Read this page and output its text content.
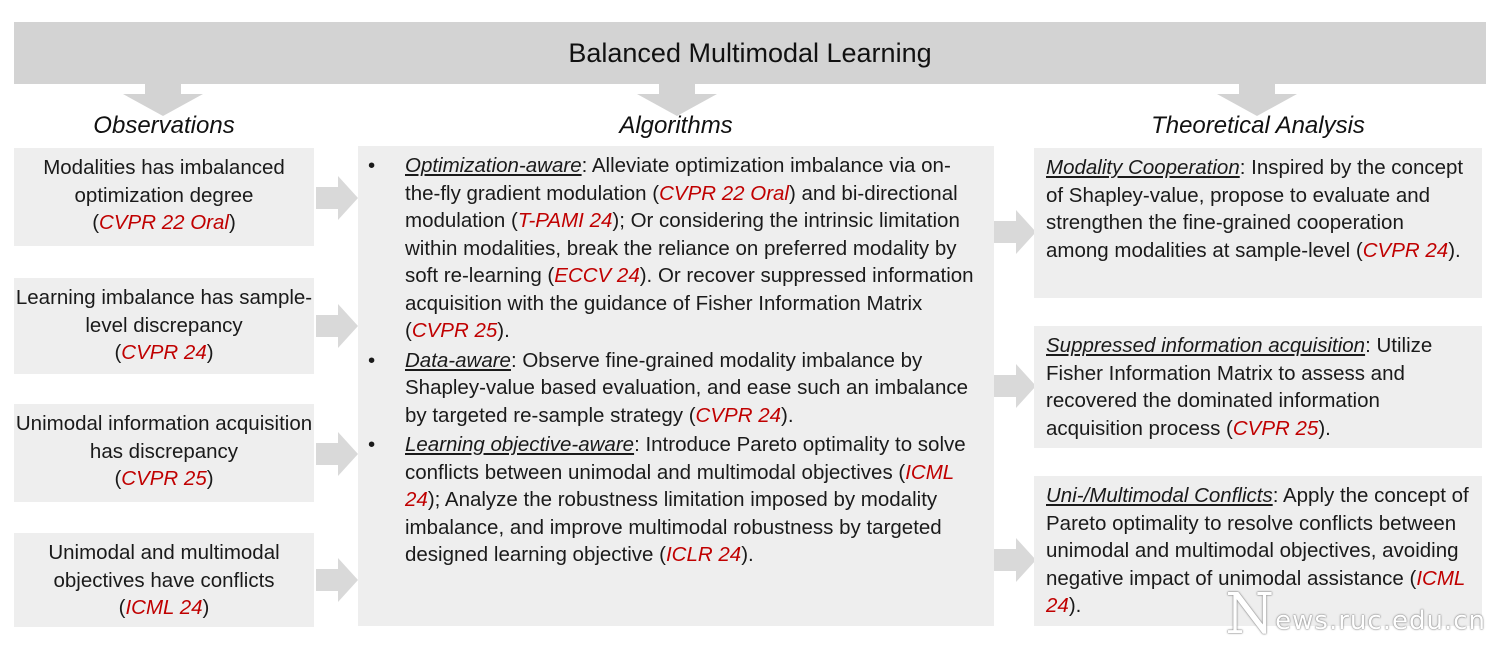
Balanced Multimodal Learning
Observations	Algorithms	Theoretical Analysis
Modalities has imbalanced optimization degree
(CVPR 22 Oral)
Learning imbalance has sample-level discrepancy
(CVPR 24)
Unimodal information acquisition has discrepancy
(CVPR 25)
Unimodal and multimodal objectives have conflicts
(ICML 24)
• Optimization-aware: Alleviate optimization imbalance via on-the-fly gradient modulation (CVPR 22 Oral) and bi-directional modulation (T-PAMI 24); Or considering the intrinsic limitation within modalities, break the reliance on preferred modality by soft re-learning (ECCV 24). Or recover suppressed information acquisition with the guidance of Fisher Information Matrix (CVPR 25).
• Data-aware: Observe fine-grained modality imbalance by Shapley-value based evaluation, and ease such an imbalance by targeted re-sample strategy (CVPR 24).
• Learning objective-aware: Introduce Pareto optimality to solve conflicts between unimodal and multimodal objectives (ICML 24); Analyze the robustness limitation imposed by modality imbalance, and improve multimodal robustness by targeted designed learning objective (ICLR 24).
Modality Cooperation: Inspired by the concept of Shapley-value, propose to evaluate and strengthen the fine-grained cooperation among modalities at sample-level (CVPR 24).
Suppressed information acquisition: Utilize Fisher Information Matrix to assess and recovered the dominated information acquisition process (CVPR 25).
Uni-/Multimodal Conflicts: Apply the concept of Pareto optimality to resolve conflicts between unimodal and multimodal objectives, avoiding negative impact of unimodal assistance (ICML 24).	News.ruc.edu.cn
